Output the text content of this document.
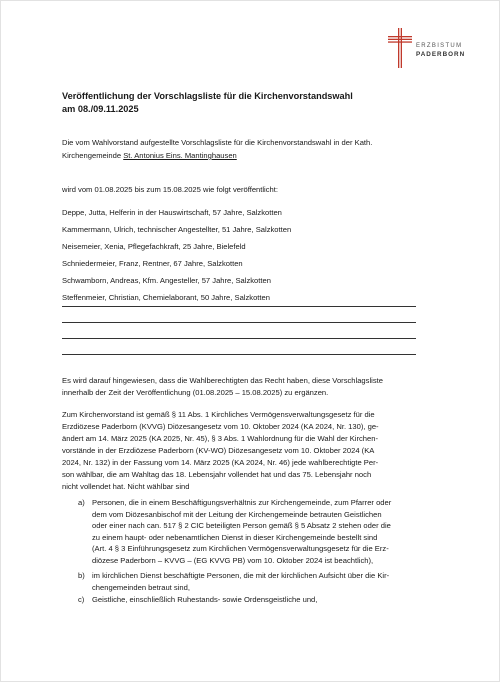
ERZBISTUM
PADERBORN
Veröffentlichung der Vorschlagsliste für die Kirchenvorstandswahl
am 08./09.11.2025
Die vom Wahlvorstand aufgestellte Vorschlagsliste für die Kirchenvorstandswahl in der Kath.
Kirchengemeinde St. Antonius Eins. Mantinghausen
wird vom 01.08.2025 bis zum 15.08.2025 wie folgt veröffentlicht:
Deppe, Jutta, Helferin in der Hauswirtschaft, 57 Jahre, Salzkotten
Kammermann, Ulrich, technischer Angestellter, 51 Jahre, Salzkotten
Neisemeier, Xenia, Pflegefachkraft, 25 Jahre, Bielefeld
Schniedermeier, Franz, Rentner, 67 Jahre, Salzkotten
Schwamborn, Andreas, Kfm. Angesteller, 57 Jahre, Salzkotten
Steffenmeier, Christian, Chemielaborant, 50 Jahre, Salzkotten
Es wird darauf hingewiesen, dass die Wahlberechtigten das Recht haben, diese Vorschlagsliste
innerhalb der Zeit der Veröffentlichung (01.08.2025 – 15.08.2025) zu ergänzen.
Zum Kirchenvorstand ist gemäß § 11 Abs. 1 Kirchliches Vermögensverwaltungsgesetz für die
Erzdiözese Paderborn (KVVG) Diözesangesetz vom 10. Oktober 2024 (KA 2024, Nr. 130), ge-
ändert am 14. März 2025 (KA 2025, Nr. 45), § 3 Abs. 1 Wahlordnung für die Wahl der Kirchen-
vorstände in der Erzdiözese Paderborn (KV-WO) Diözesangesetz vom 10. Oktober 2024 (KA
2024, Nr. 132) in der Fassung vom 14. März 2025 (KA 2024, Nr. 46) jede wahlberechtigte Per-
son wählbar, die am Wahltag das 18. Lebensjahr vollendet hat und das 75. Lebensjahr noch
nicht vollendet hat. Nicht wählbar sind
a) Personen, die in einem Beschäftigungsverhältnis zur Kirchengemeinde, zum Pfarrer oder
dem vom Diözesanbischof mit der Leitung der Kirchengemeinde betrauten Geistlichen
oder einer nach can. 517 § 2 CIC beteiligten Person gemäß § 5 Absatz 2 stehen oder die
zu einem haupt- oder nebenamtlichen Dienst in dieser Kirchengemeinde bestellt sind
(Art. 4 § 3 Einführungsgesetz zum Kirchlichen Vermögensverwaltungsgesetz für die Erz-
diözese Paderborn – KVVG – (EG KVVG PB) vom 10. Oktober 2024 ist beachtlich),
b) im kirchlichen Dienst beschäftigte Personen, die mit der kirchlichen Aufsicht über die Kir-
chengemeinden betraut sind,
c) Geistliche, einschließlich Ruhestands- sowie Ordensgeistliche und,
